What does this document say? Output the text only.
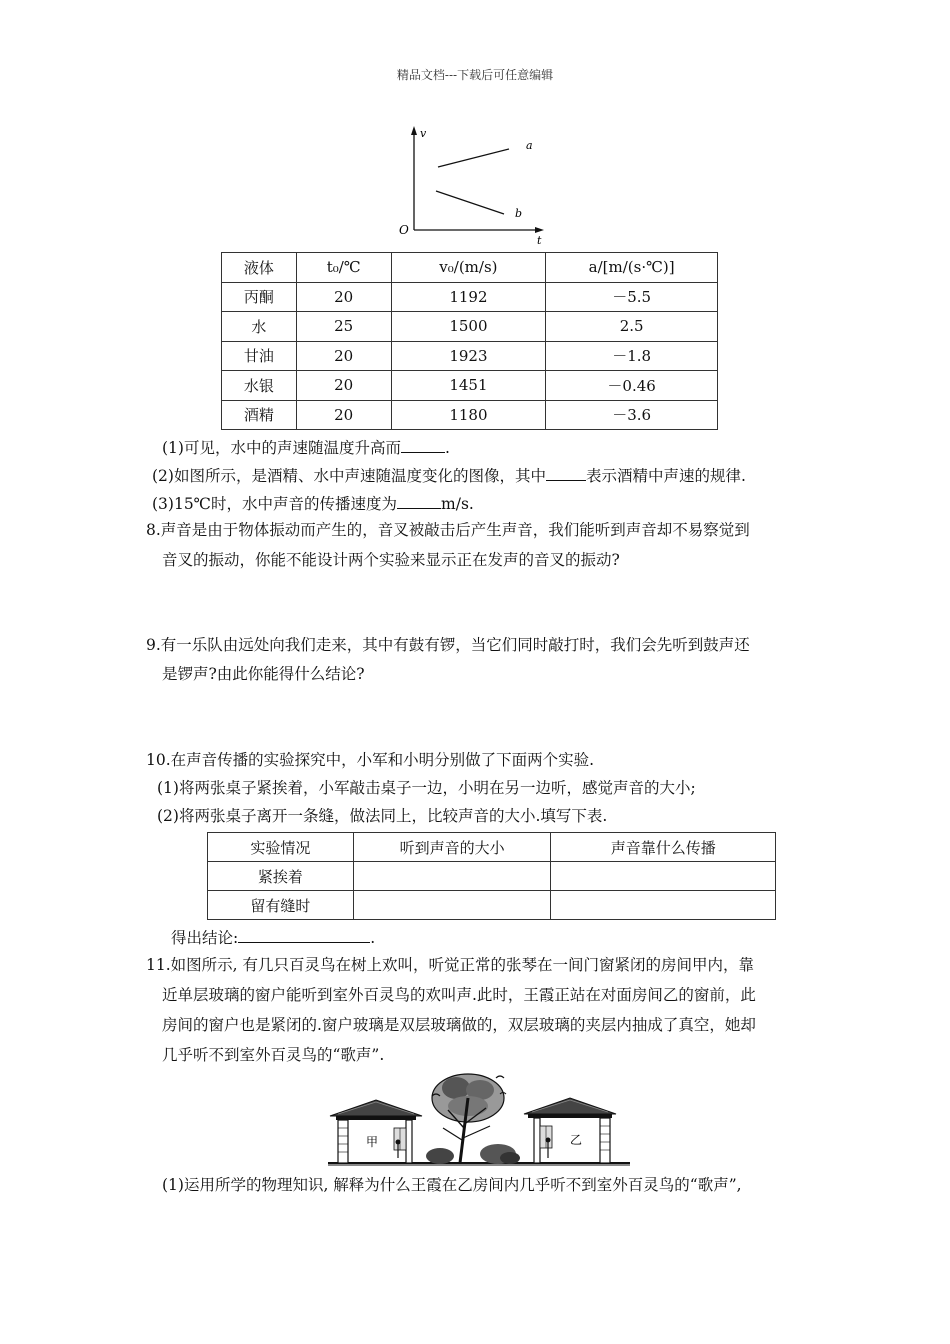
精品文档---下载后可任意编辑
v
t
O
a
b
液体	t₀/℃	v₀/(m/s)	a/[m/(s·℃)]
丙酮	20	1192	－5.5
水	25	1500	2.5
甘油	20	1923	－1.8
水银	20	1451	－0.46
酒精	20	1180	－3.6
(1)可见，水中的声速随温度升高而	.
(2)如图所示，是酒精、水中声速随温度变化的图像，其中	表示酒精中声速的规律.
(3)15℃时，水中声音的传播速度为	m/s.
8.声音是由于物体振动而产生的，音叉被敲击后产生声音，我们能听到声音却不易察觉到
音叉的振动，你能不能设计两个实验来显示正在发声的音叉的振动?
9.有一乐队由远处向我们走来，其中有鼓有锣，当它们同时敲打时，我们会先听到鼓声还
是锣声?由此你能得什么结论?
10.在声音传播的实验探究中，小军和小明分别做了下面两个实验.
(1)将两张桌子紧挨着，小军敲击桌子一边，小明在另一边听，感觉声音的大小;
(2)将两张桌子离开一条缝，做法同上，比较声音的大小.填写下表.
实验情况	听到声音的大小	声音靠什么传播
紧挨着		
留有缝时		
得出结论:	.
11.如图所示, 有几只百灵鸟在树上欢叫，听觉正常的张琴在一间门窗紧闭的房间甲内，靠
近单层玻璃的窗户能听到室外百灵鸟的欢叫声.此时，王霞正站在对面房间乙的窗前，此
房间的窗户也是紧闭的.窗户玻璃是双层玻璃做的，双层玻璃的夹层内抽成了真空，她却
几乎听不到室外百灵鸟的“歌声”.
甲	乙
(1)运用所学的物理知识, 解释为什么王霞在乙房间内几乎听不到室外百灵鸟的“歌声”,
